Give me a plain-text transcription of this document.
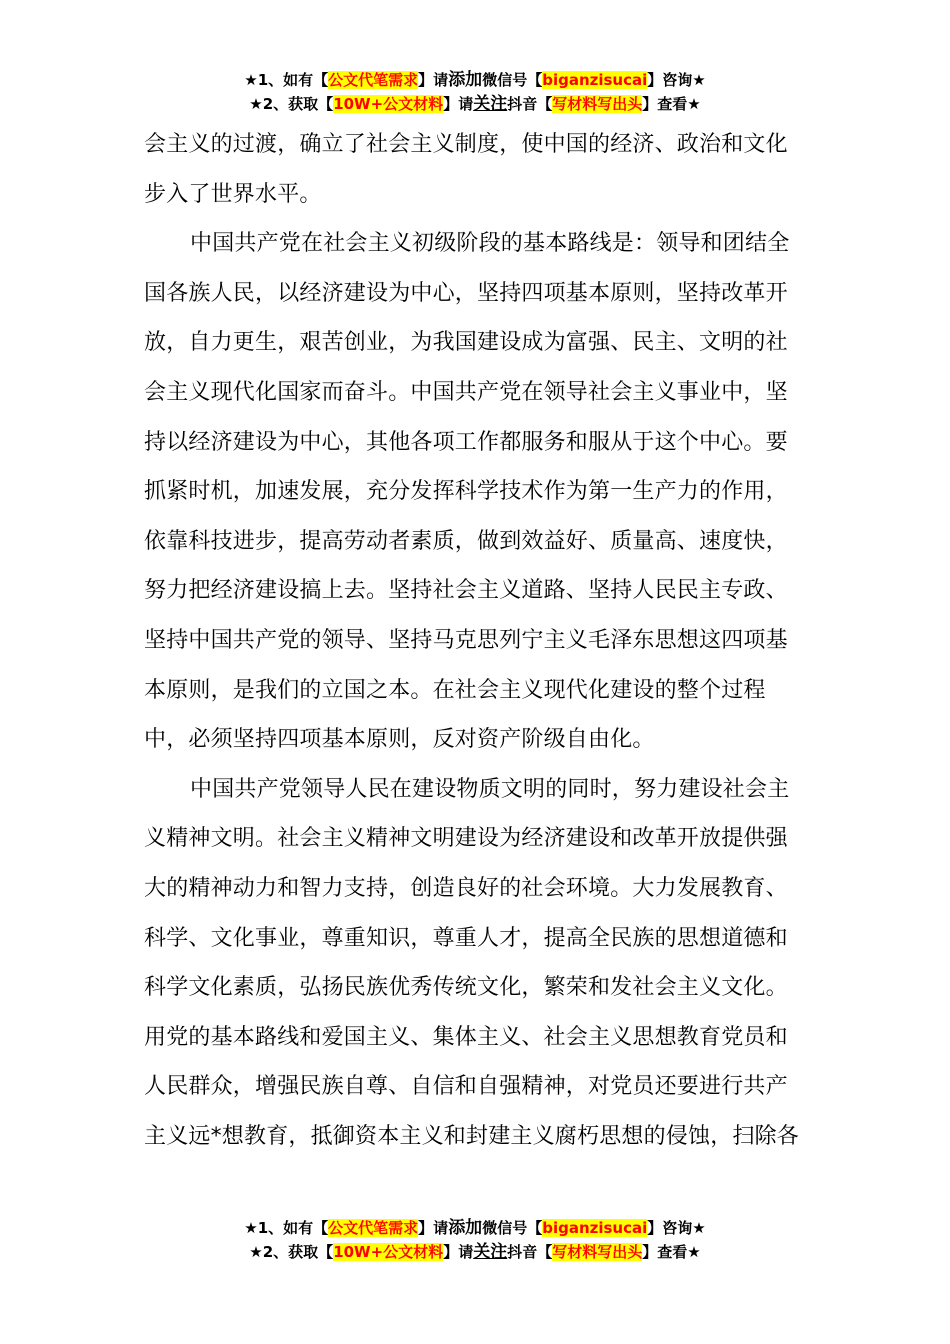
★1、如有【公文代笔需求】请添加微信号【biganzisucai】咨询★
★2、获取【10W+公文材料】请关注抖音【写材料写出头】查看★
会主义的过渡，确立了社会主义制度，使中国的经济、政治和文化
步入了世界水平。
中国共产党在社会主义初级阶段的基本路线是：领导和团结全
国各族人民，以经济建设为中心，坚持四项基本原则，坚持改革开
放，自力更生，艰苦创业，为我国建设成为富强、民主、文明的社
会主义现代化国家而奋斗。中国共产党在领导社会主义事业中，坚
持以经济建设为中心，其他各项工作都服务和服从于这个中心。要
抓紧时机，加速发展，充分发挥科学技术作为第一生产力的作用，
依靠科技进步，提高劳动者素质，做到效益好、质量高、速度快，
努力把经济建设搞上去。坚持社会主义道路、坚持人民民主专政、
坚持中国共产党的领导、坚持马克思列宁主义毛泽东思想这四项基
本原则，是我们的立国之本。在社会主义现代化建设的整个过程
中，必须坚持四项基本原则，反对资产阶级自由化。
中国共产党领导人民在建设物质文明的同时，努力建设社会主
义精神文明。社会主义精神文明建设为经济建设和改革开放提供强
大的精神动力和智力支持，创造良好的社会环境。大力发展教育、
科学、文化事业，尊重知识，尊重人才，提高全民族的思想道德和
科学文化素质，弘扬民族优秀传统文化，繁荣和发社会主义文化。
用党的基本路线和爱国主义、集体主义、社会主义思想教育党员和
人民群众，增强民族自尊、自信和自强精神，对党员还要进行共产
主义远*想教育，抵御资本主义和封建主义腐朽思想的侵蚀，扫除各
★1、如有【公文代笔需求】请添加微信号【biganzisucai】咨询★
★2、获取【10W+公文材料】请关注抖音【写材料写出头】查看★
